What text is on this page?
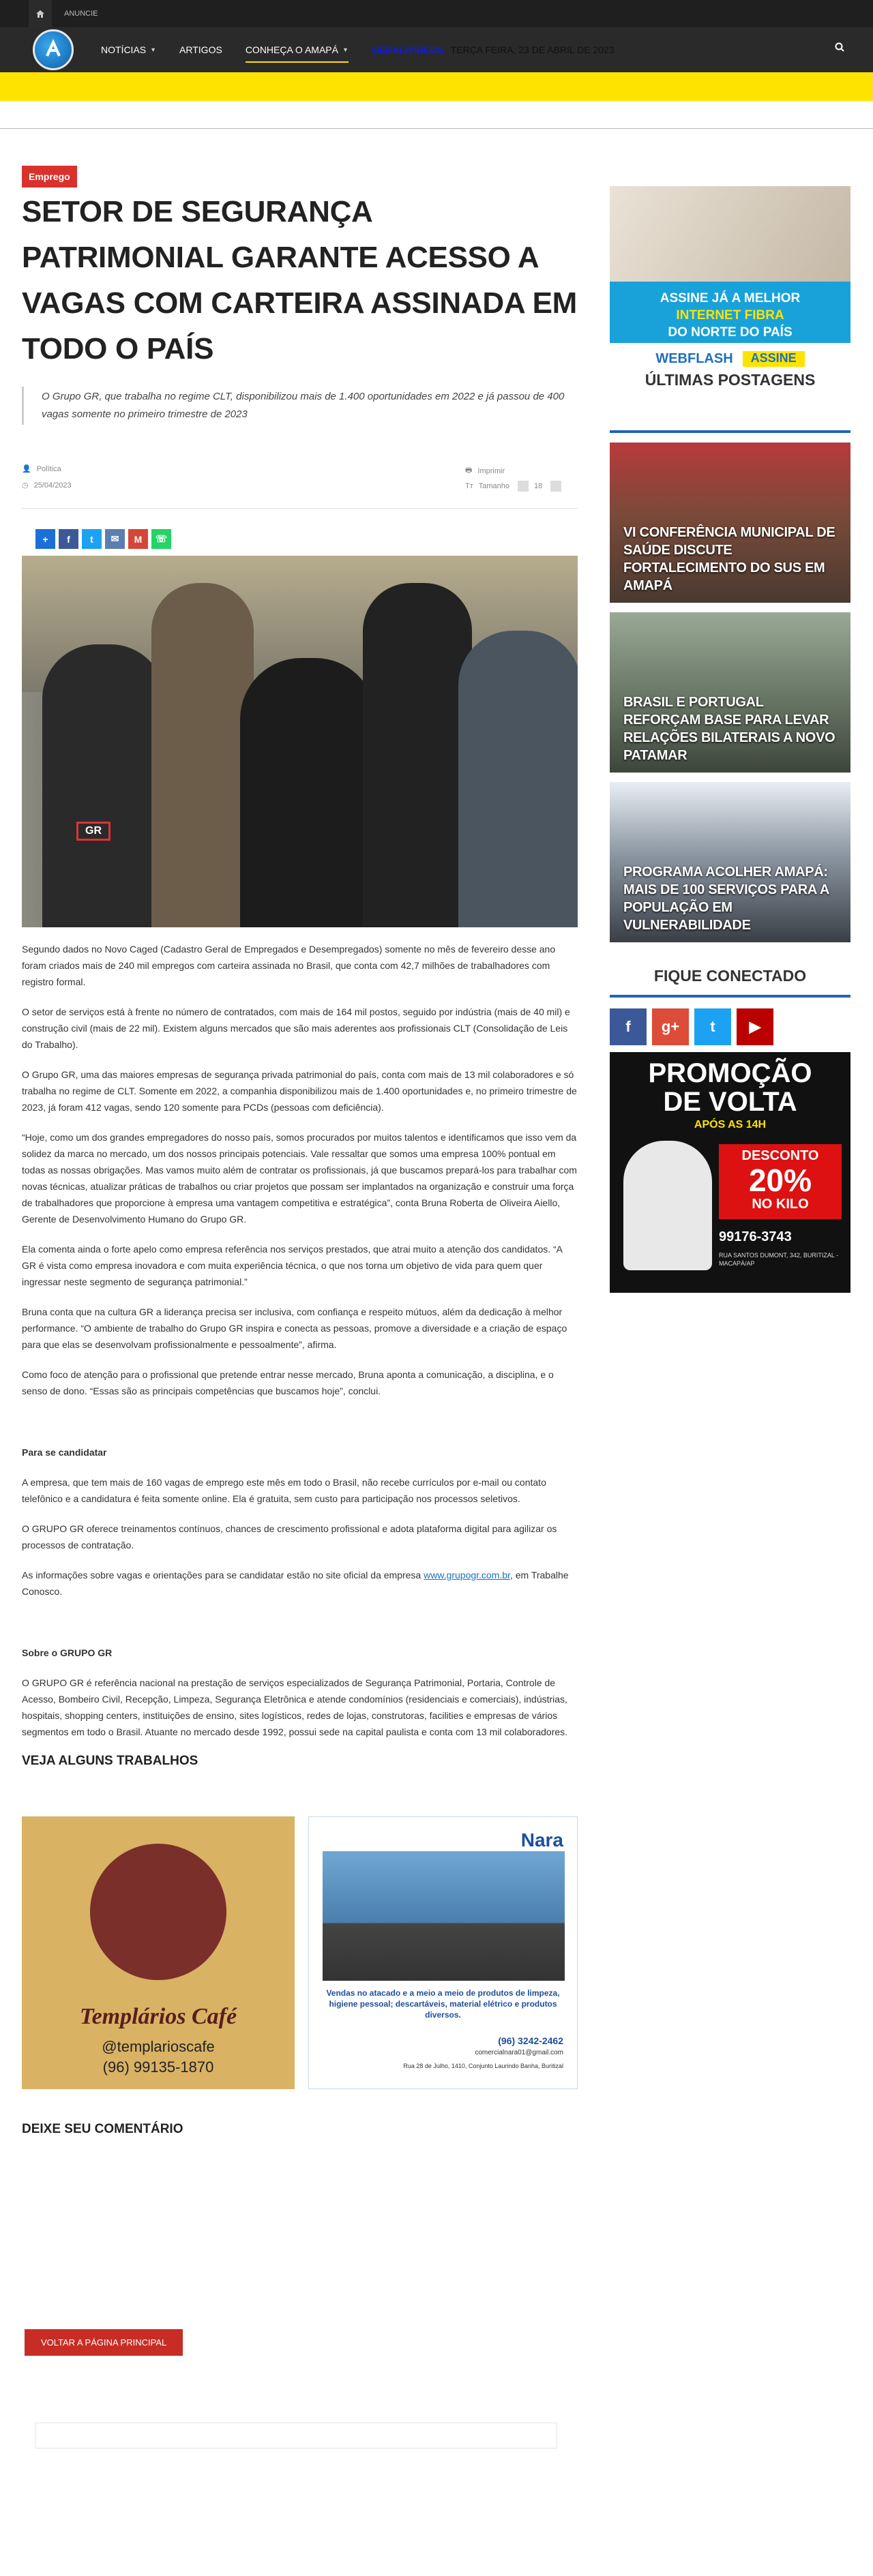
ANUNCIE
NOTÍCIAS ▼ ARTIGOS CONHEÇA O AMAPÁ ▼ GERAL/VÍDEOS TERÇA FEIRA, 23 DE ABRIL DE 2023
Emprego
SETOR DE SEGURANÇA PATRIMONIAL GARANTE ACESSO A VAGAS COM CARTEIRA ASSINADA EM TODO O PAÍS
O Grupo GR, que trabalha no regime CLT, disponibilizou mais de 1.400 oportunidades em 2022 e já passou de 400 vagas somente no primeiro trimestre de 2023
👤 Política
◷ 25/04/2023
🖶 Imprimir
Tт Tamanho	18
+	f	t	✉	M	☏
GR

Segundo dados no Novo Caged (Cadastro Geral de Empregados e Desempregados) somente no mês de fevereiro desse ano foram criados mais de 240 mil empregos com carteira assinada no Brasil, que conta com 42,7 milhões de trabalhadores com registro formal.

O setor de serviços está à frente no número de contratados, com mais de 164 mil postos, seguido por indústria (mais de 40 mil) e construção civil (mais de 22 mil). Existem alguns mercados que são mais aderentes aos profissionais CLT (Consolidação de Leis do Trabalho).

O Grupo GR, uma das maiores empresas de segurança privada patrimonial do país, conta com mais de 13 mil colaboradores e só trabalha no regime de CLT. Somente em 2022, a companhia disponibilizou mais de 1.400 oportunidades e, no primeiro trimestre de 2023, já foram 412 vagas, sendo 120 somente para PCDs (pessoas com deficiência).

“Hoje, como um dos grandes empregadores do nosso país, somos procurados por muitos talentos e identificamos que isso vem da solidez da marca no mercado, um dos nossos principais potenciais. Vale ressaltar que somos uma empresa 100% pontual em todas as nossas obrigações. Mas vamos muito além de contratar os profissionais, já que buscamos prepará-los para trabalhar com novas técnicas, atualizar práticas de trabalhos ou criar projetos que possam ser implantados na organização e construir uma força de trabalhadores que proporcione à empresa uma vantagem competitiva e estratégica”, conta Bruna Roberta de Oliveira Aiello, Gerente de Desenvolvimento Humano do Grupo GR.

Ela comenta ainda o forte apelo como empresa referência nos serviços prestados, que atrai muito a atenção dos candidatos. “A GR é vista como empresa inovadora e com muita experiência técnica, o que nos torna um objetivo de vida para quem quer ingressar neste segmento de segurança patrimonial.”

Bruna conta que na cultura GR a liderança precisa ser inclusiva, com confiança e respeito mútuos, além da dedicação à melhor performance. “O ambiente de trabalho do Grupo GR inspira e conecta as pessoas, promove a diversidade e a criação de espaço para que elas se desenvolvam profissionalmente e pessoalmente”, afirma.

Como foco de atenção para o profissional que pretende entrar nesse mercado, Bruna aponta a comunicação, a disciplina, e o senso de dono. “Essas são as principais competências que buscamos hoje”, conclui.

Para se candidatar

A empresa, que tem mais de 160 vagas de emprego este mês em todo o Brasil, não recebe currículos por e-mail ou contato telefônico e a candidatura é feita somente online. Ela é gratuita, sem custo para participação nos processos seletivos.

O GRUPO GR oferece treinamentos contínuos, chances de crescimento profissional e adota plataforma digital para agilizar os processos de contratação.

As informações sobre vagas e orientações para se candidatar estão no site oficial da empresa www.grupogr.com.br, em Trabalhe Conosco.

Sobre o GRUPO GR

O GRUPO GR é referência nacional na prestação de serviços especializados de Segurança Patrimonial, Portaria, Controle de Acesso, Bombeiro Civil, Recepção, Limpeza, Segurança Eletrônica e atende condomínios (residenciais e comerciais), indústrias, hospitais, shopping centers, instituições de ensino, sites logísticos, redes de lojas, construtoras, facilities e empresas de vários segmentos em todo o Brasil. Atuante no mercado desde 1992, possui sede na capital paulista e conta com 13 mil colaboradores.

VEJA ALGUNS TRABALHOS
Templários Café
@templarioscafe
(96) 99135-1870
Nara
Vendas no atacado e a meio a meio de produtos de limpeza, higiene pessoal; descartáveis, material elétrico e produtos diversos.
(96) 3242-2462
comercialnara01@gmail.com
Rua 28 de Julho, 1410, Conjunto Laurindo Banha, Buritizal
DEIXE SEU COMENTÁRIO
VOLTAR A PÁGINA PRINCIPAL
ASSINE JÁ A MELHOR
INTERNET FIBRA
DO NORTE DO PAÍS
WEBFLASH	ASSINE
ÚLTIMAS POSTAGENS
VI CONFERÊNCIA MUNICIPAL DE SAÚDE DISCUTE FORTALECIMENTO DO SUS EM AMAPÁ
BRASIL E PORTUGAL REFORÇAM BASE PARA LEVAR RELAÇÕES BILATERAIS A NOVO PATAMAR
PROGRAMA ACOLHER AMAPÁ: MAIS DE 100 SERVIÇOS PARA A POPULAÇÃO EM VULNERABILIDADE
FIQUE CONECTADO
f	g+	t	▶
PROMOÇÃO
DE VOLTA
APÓS AS 14H
DESCONTO
20%
NO KILO
99176-3743
RUA SANTOS DUMONT, 342, BURITIZAL - MACAPÁ/AP
